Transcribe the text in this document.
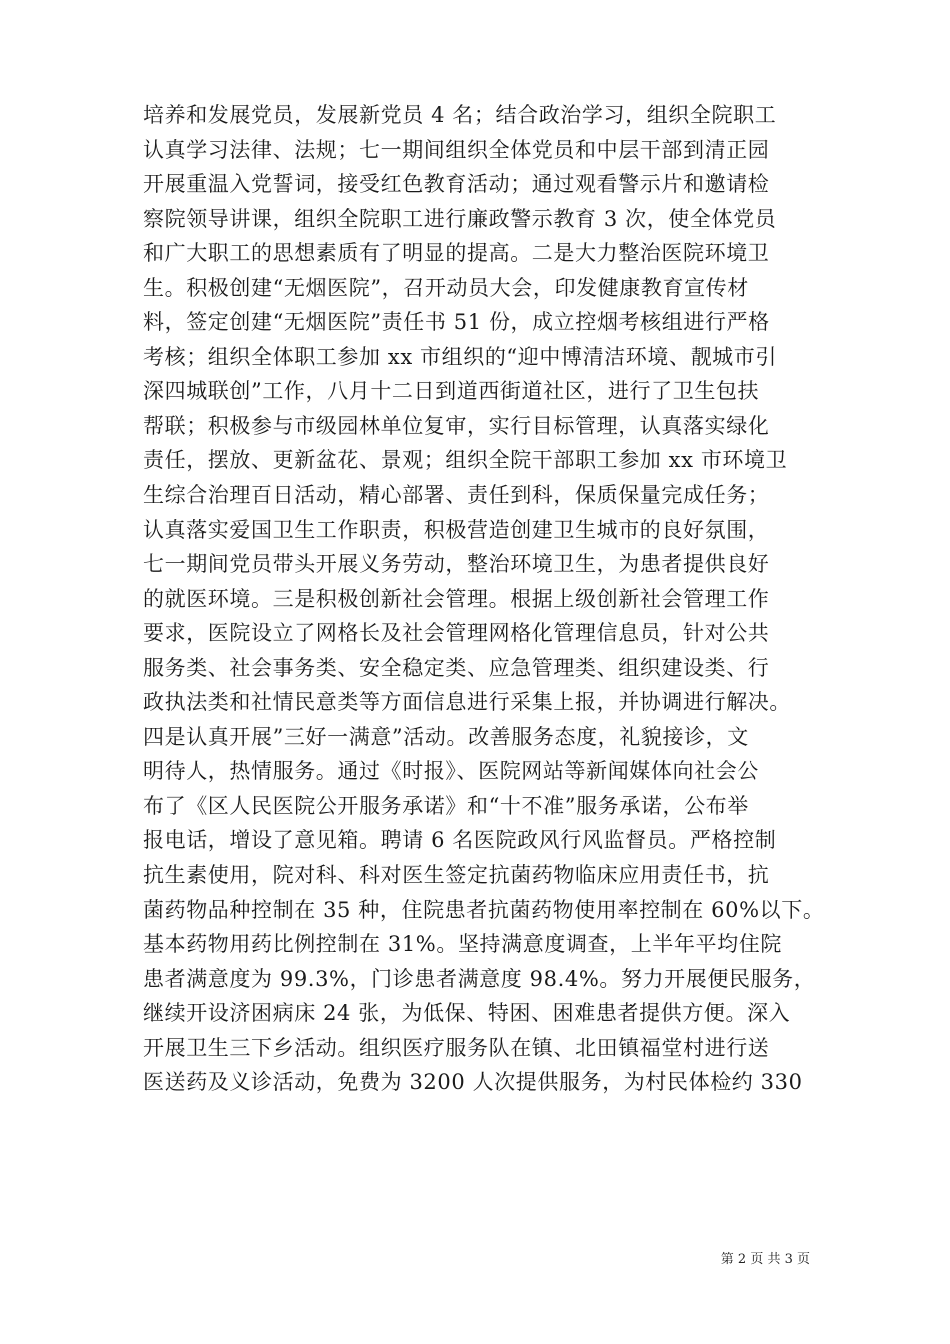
培养和发展党员，发展新党员 4 名；结合政治学习，组织全院职工
认真学习法律、法规；七一期间组织全体党员和中层干部到清正园
开展重温入党誓词，接受红色教育活动；通过观看警示片和邀请检
察院领导讲课，组织全院职工进行廉政警示教育 3 次，使全体党员
和广大职工的思想素质有了明显的提高。二是大力整治医院环境卫
生。积极创建“无烟医院”，召开动员大会，印发健康教育宣传材
料，签定创建“无烟医院”责任书 51 份，成立控烟考核组进行严格
考核；组织全体职工参加 xx 市组织的“迎中博清洁环境、靓城市引
深四城联创”工作，八月十二日到道西街道社区，进行了卫生包扶
帮联；积极参与市级园林单位复审，实行目标管理，认真落实绿化
责任，摆放、更新盆花、景观；组织全院干部职工参加 xx 市环境卫
生综合治理百日活动，精心部署、责任到科，保质保量完成任务；
认真落实爱国卫生工作职责，积极营造创建卫生城市的良好氛围，
七一期间党员带头开展义务劳动，整治环境卫生，为患者提供良好
的就医环境。三是积极创新社会管理。根据上级创新社会管理工作
要求，医院设立了网格长及社会管理网格化管理信息员，针对公共
服务类、社会事务类、安全稳定类、应急管理类、组织建设类、行
政执法类和社情民意类等方面信息进行采集上报，并协调进行解决。
四是认真开展”三好一满意”活动。改善服务态度，礼貌接诊，文
明待人，热情服务。通过《时报》、医院网站等新闻媒体向社会公
布了《区人民医院公开服务承诺》和“十不准”服务承诺，公布举
报电话，增设了意见箱。聘请 6 名医院政风行风监督员。严格控制
抗生素使用，院对科、科对医生签定抗菌药物临床应用责任书，抗
菌药物品种控制在 35 种，住院患者抗菌药物使用率控制在 60%以下。
基本药物用药比例控制在 31%。坚持满意度调查，上半年平均住院
患者满意度为 99.3%，门诊患者满意度 98.4%。努力开展便民服务，
继续开设济困病床 24 张，为低保、特困、困难患者提供方便。深入
开展卫生三下乡活动。组织医疗服务队在镇、北田镇福堂村进行送
医送药及义诊活动，免费为 3200 人次提供服务，为村民体检约 330
第 2 页 共 3 页
